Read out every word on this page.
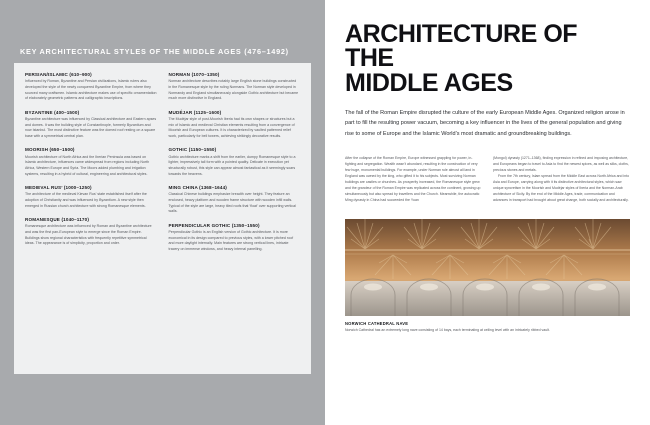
KEY ARCHITECTURAL STYLES OF THE MIDDLE AGES (476–1492)
PERSIAN/ISLAMIC (610–900)
Influenced by Roman, Byzantine and Persian civilizations, Islamic rulers also developed the style of the newly conquered Byzantine Empire, from where they sourced many craftsmen. Islamic architecture makes use of specific ornamentation of elaborately geometric patterns and calligraphic inscriptions.
BYZANTINE (400–1500)
Byzantine architecture was influenced by Classical architecture and Eastern apses and domes. It was the building style of Constantinople, formerly Byzantium and now Istanbul. The most distinctive feature was the domed roof resting on a square base with a symmetrical central plan.
MOORISH (650–1500)
Moorish architecture of North Africa and the Iberian Peninsula was based on Islamic architecture, influences came widespread from regions including North Africa, Western Europe and Syria. The Moors added plumbing and irrigation systems, resulting in a hybrid of cultural, engineering and architectural styles.
MEDIEVAL RUS’ (1000–1250)
The architecture of the medieval Kievan Rus’ state established itself after the adoption of Christianity and was influenced by Byzantium. A new style then emerged in Russian church architecture with strong Romanesque elements.
ROMANESQUE (1040–1170)
Romanesque architecture was influenced by Roman and Byzantine architecture and was the first pan-European style to emerge since the Roman Empire. Buildings show regional characteristics with frequently repetitive symmetrical ideas. The appearance is of simplicity, proportion and order.
NORMAN (1070–1350)
Norman architecture describes notably large English stone buildings constructed in the Romanesque style by the ruling Normans. The Norman style developed in Normandy and England simultaneously alongside Gothic architecture but became much more distinctive in England.
MUDÉJAR (1125–1600)
The Mudéjar style of post-Moorish Iberia had its own shapes or structures but a mix of Islamic and medieval Christian elements resulting from a convergence of Moorish and European cultures. It is characterized by vaulted patterned relief work, particularly for bell towers, achieving strikingly decorative results.
GOTHIC (1150–1550)
Gothic architecture marks a shift from the earlier, dumpy Romanesque style to a lighter, impressively tall form with a pointed quality. Delicate in execution yet structurally robust, this style can appear almost fantastical as it seemingly soars towards the heavens.
MING CHINA (1368–1644)
Classical Chinese buildings emphasize breadth over height. They feature an enclosed, heavy platform and wooden frame structure with wooden infill walls. Typical of the style are large, heavy tiled roofs that ‘float’ over supporting vertical walls.
PERPENDICULAR GOTHIC (1350–1550)
Perpendicular Gothic is an English version of Gothic architecture. It is more economical in its design compared to previous styles, with a lower pitched roof and more daylight internally. Main features are strong vertical lines, intricate tracery on immense windows, and heavy internal panelling.
ARCHITECTURE OF THE
MIDDLE AGES
The fall of the Roman Empire disrupted the culture of the early European Middle Ages. Organized religion arose in part to fill the resulting power vacuum, becoming a key influencer in the lives of the general population and giving rise to some of Europe and the Islamic World’s most dramatic and groundbreaking buildings.

After the collapse of the Roman Empire, Europe witnessed grappling for power, in-fighting and segregation. Wealth wasn’t abundant, resulting in the construction of very few huge, monumental buildings. For example, under Norman rule almost all land in England was owned by the king, who gifted it to his subjects. Most surviving Norman buildings are castles or churches. As prosperity increased, the Romanesque style grew and the grandeur of the Roman Empire was replicated across the continent, growing up simultaneously but also spread by travellers and the Church. Meanwhile, the autocratic Ming dynasty in China had succeeded the Yuan

(Mongol) dynasty (1271–1368), finding expression in refined and imposing architecture, and Europeans began to travel to Asia to find the newest spices, as well as silks, cloths, precious stones and metals.

From the 7th century, Islam spread from the Middle East across North Africa and into Asia and Europe, carrying along with it its distinctive architectural styles, which saw unique syncretism in the Moorish and Mudéjar styles of Iberia and the Norman-Arab architecture of Sicily. By the end of the Middle Ages, trade, communication and advances in transport had brought about great change, both socially and architecturally.

NORWICH CATHEDRAL NAVE
Norwich Cathedral has an extremely long nave consisting of 14 bays, each terminating at ceiling level with an intricately ribbed vault.
